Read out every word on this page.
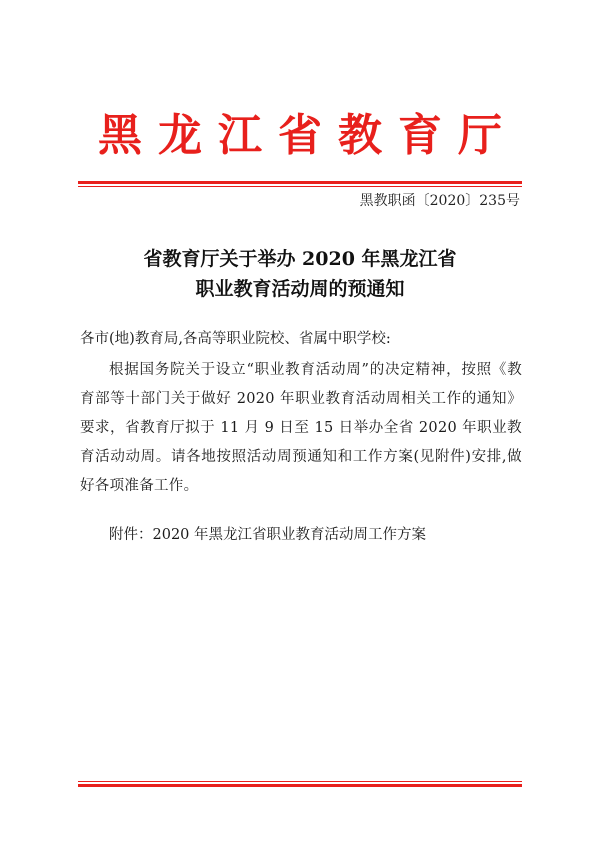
黑龙江省教育厅
黑教职函〔2020〕235号
省教育厅关于举办 2020 年黑龙江省
职业教育活动周的预通知
各市(地)教育局,各高等职业院校、省属中职学校:
根据国务院关于设立“职业教育活动周”的决定精神，按照《教育部等十部门关于做好 2020 年职业教育活动周相关工作的通知》要求，省教育厅拟于 11 月 9 日至 15 日举办全省 2020 年职业教育活动动周。请各地按照活动周预通知和工作方案(见附件)安排,做好各项准备工作。
附件：2020 年黑龙江省职业教育活动周工作方案
